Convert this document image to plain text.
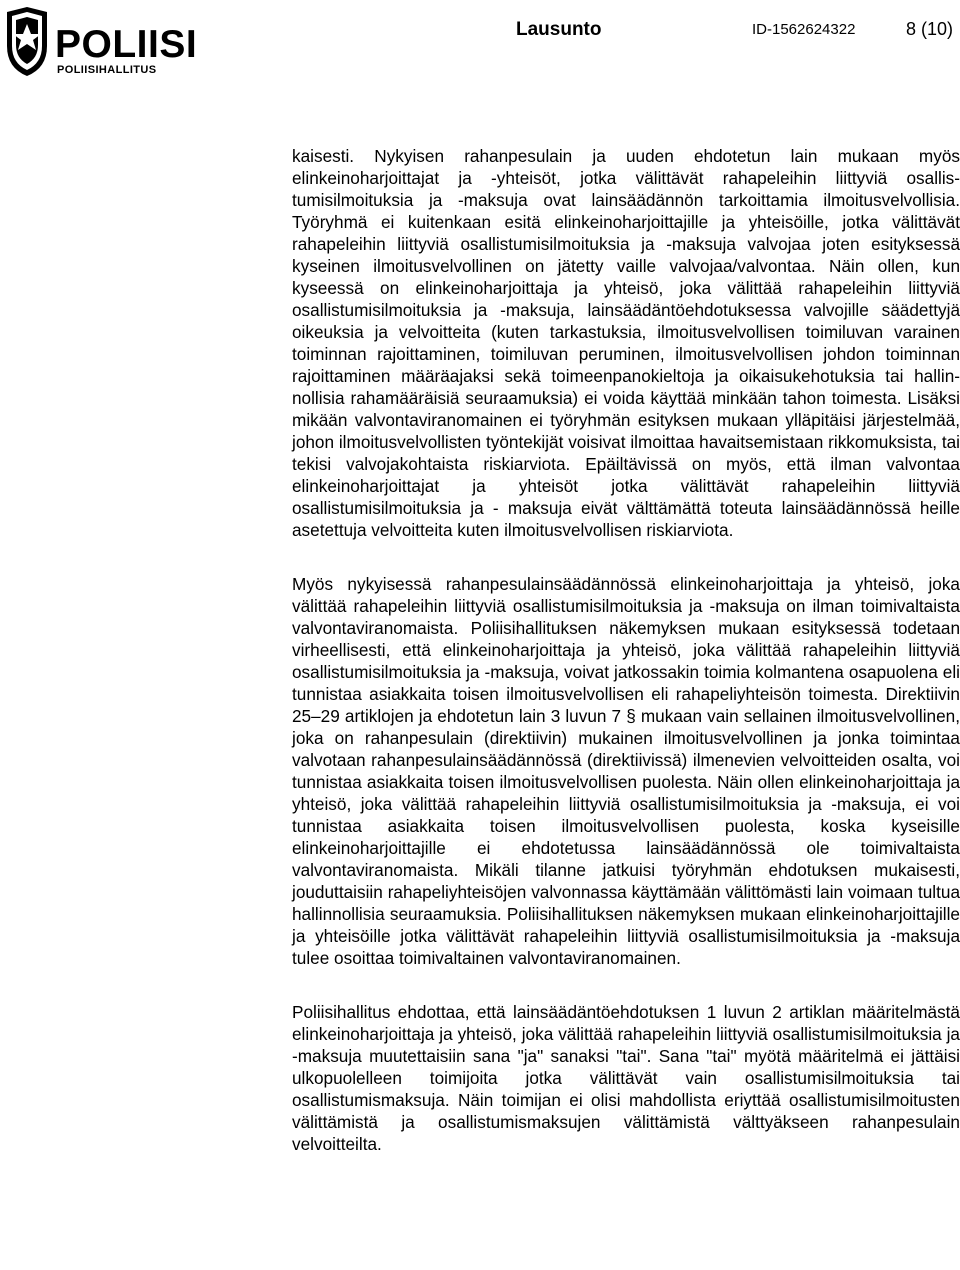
POLIISI
POLIISIHALLITUS
Lausunto	ID-1562624322	8 (10)

kaisesti. Nykyisen rahanpesulain ja uuden ehdotetun lain mukaan myös elinkeinoharjoittajat ja -yhteisöt, jotka välittävät rahapeleihin liittyviä osallistumisilmoituksia ja -maksuja ovat lainsäädännön tarkoittamia ilmoitusvelvollisia. Työryhmä ei kuitenkaan esitä elinkeinoharjoittajille ja yhteisöille, jotka välittävät rahapeleihin liittyviä osallistumisilmoituksia ja -maksuja valvojaa joten esityksessä kyseinen ilmoitusvelvollinen on jätetty vaille valvojaa/valvontaa. Näin ollen, kun kyseessä on elinkeinoharjoittaja ja yhteisö, joka välittää rahapeleihin liittyviä osallistumisilmoituksia ja -maksuja, lainsäädäntöehdotuksessa valvojille säädettyjä oikeuksia ja velvoitteita (kuten tarkastuksia, ilmoitusvelvollisen toimiluvan varainen toiminnan rajoittaminen, toimiluvan peruminen, ilmoitusvelvollisen johdon toiminnan rajoittaminen määräajaksi sekä toimeenpanokieltoja ja oikaisukehotuksia tai hallinnollisia rahamääräisiä seuraamuksia) ei voida käyttää minkään tahon toimesta. Lisäksi mikään valvontaviranomainen ei työryhmän esityksen mukaan ylläpitäisi järjestelmää, johon ilmoitusvelvollisten työntekijät voisivat ilmoittaa havaitsemistaan rikkomuksista, tai tekisi valvojakohtaista riskiarviota. Epäiltävissä on myös, että ilman valvontaa elinkeinoharjoittajat ja yhteisöt jotka välittävät rahapeleihin liittyviä osallistumisilmoituksia ja - maksuja eivät välttämättä toteuta lainsäädännössä heille asetettuja velvoitteita kuten ilmoitusvelvollisen riskiarviota.

Myös nykyisessä rahanpesulainsäädännössä elinkeinoharjoittaja ja yhteisö, joka välittää rahapeleihin liittyviä osallistumisilmoituksia ja -maksuja on ilman toimivaltaista valvontaviranomaista. Poliisihallituksen näkemyksen mukaan esityksessä todetaan virheellisesti, että elinkeinoharjoittaja ja yhteisö, joka välittää rahapeleihin liittyviä osallistumisilmoituksia ja -maksuja, voivat jatkossakin toimia kolmantena osapuolena eli tunnistaa asiakkaita toisen ilmoitusvelvollisen eli rahapeliyhteisön toimesta. Direktiivin 25–29 artiklojen ja ehdotetun lain 3 luvun 7 § mukaan vain sellainen ilmoitusvelvollinen, joka on rahanpesulain (direktiivin) mukainen ilmoitusvelvollinen ja jonka toimintaa valvotaan rahanpesulainsäädännössä (direktiivissä) ilmenevien velvoitteiden osalta, voi tunnistaa asiakkaita toisen ilmoitusvelvollisen puolesta. Näin ollen elinkeinoharjoittaja ja yhteisö, joka välittää rahapeleihin liittyviä osallistumisilmoituksia ja -maksuja, ei voi tunnistaa asiakkaita toisen ilmoitusvelvollisen puolesta, koska kyseisille elinkeinoharjoittajille ei ehdotetussa lainsäädännössä ole toimivaltaista valvontaviranomaista. Mikäli tilanne jatkuisi työryhmän ehdotuksen mukaisesti, jouduttaisiin rahapeliyhteisöjen valvonnassa käyttämään välittömästi lain voimaan tultua hallinnollisia seuraamuksia. Poliisihallituksen näkemyksen mukaan elinkeinoharjoittajille ja yhteisöille jotka välittävät rahapeleihin liittyviä osallistumisilmoituksia ja -maksuja tulee osoittaa toimivaltainen valvontaviranomainen.

Poliisihallitus ehdottaa, että lainsäädäntöehdotuksen 1 luvun 2 artiklan määritelmästä elinkeinoharjoittaja ja yhteisö, joka välittää rahapeleihin liittyviä osallistumisilmoituksia ja -maksuja muutettaisiin sana "ja" sanaksi "tai". Sana "tai" myötä määritelmä ei jättäisi ulkopuolelleen toimijoita jotka välittävät vain osallistumisilmoituksia tai osallistumismaksuja. Näin toimijan ei olisi mahdollista eriyttää osallistumisilmoitusten välittämistä ja osallistumismaksujen välittämistä välttyäkseen rahanpesulain velvoitteilta.
